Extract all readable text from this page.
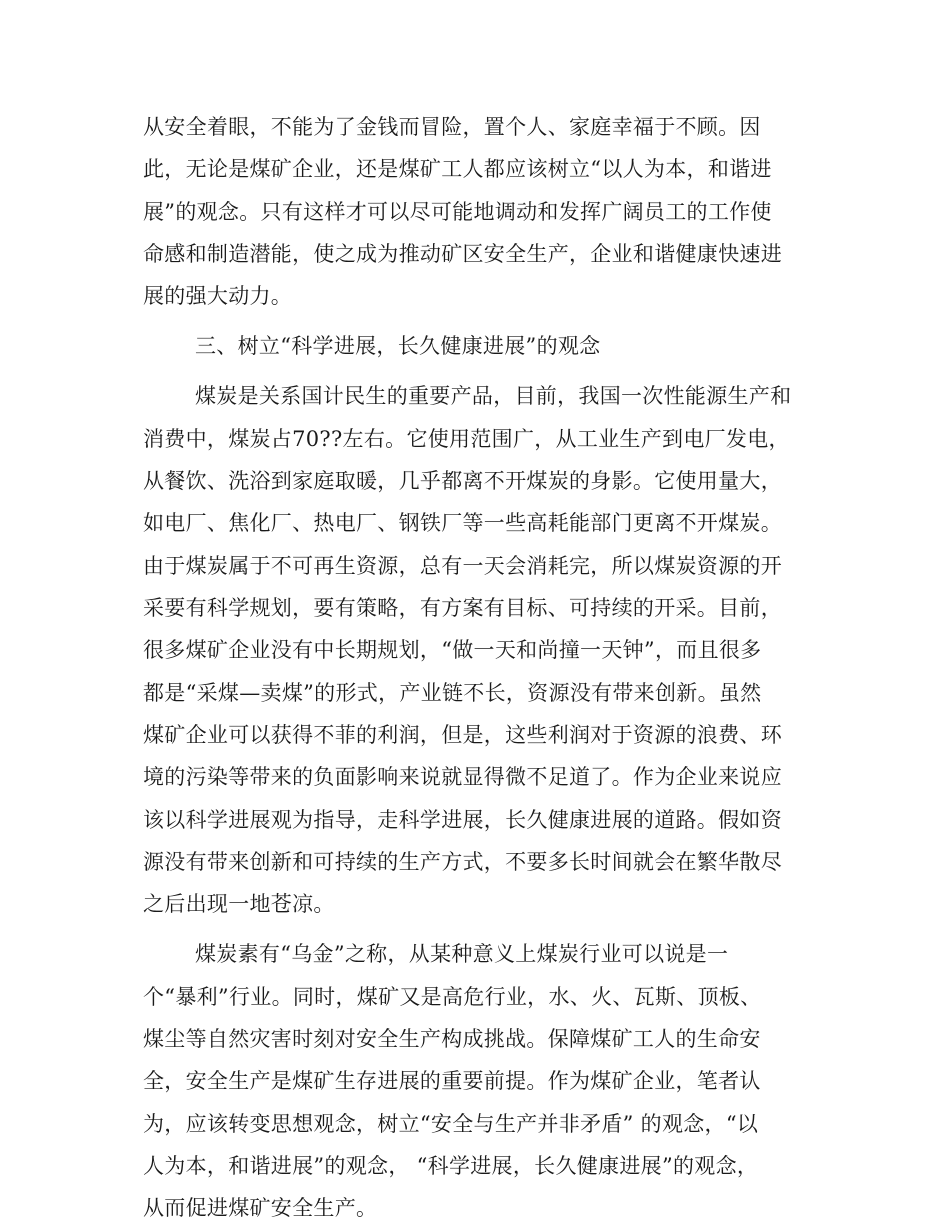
从安全着眼，不能为了金钱而冒险，置个人、家庭幸福于不顾。因
此，无论是煤矿企业，还是煤矿工人都应该树立“以人为本，和谐进
展”的观念。只有这样才可以尽可能地调动和发挥广阔员工的工作使
命感和制造潜能，使之成为推动矿区安全生产，企业和谐健康快速进
展的强大动力。
三、树立“科学进展，长久健康进展”的观念
煤炭是关系国计民生的重要产品，目前，我国一次性能源生产和
消费中，煤炭占70??左右。它使用范围广，从工业生产到电厂发电，
从餐饮、洗浴到家庭取暖，几乎都离不开煤炭的身影。它使用量大，
如电厂、焦化厂、热电厂、钢铁厂等一些高耗能部门更离不开煤炭。
由于煤炭属于不可再生资源，总有一天会消耗完，所以煤炭资源的开
采要有科学规划，要有策略，有方案有目标、可持续的开采。目前，
很多煤矿企业没有中长期规划，“做一天和尚撞一天钟”，而且很多
都是“采煤—卖煤”的形式，产业链不长，资源没有带来创新。虽然
煤矿企业可以获得不菲的利润，但是，这些利润对于资源的浪费、环
境的污染等带来的负面影响来说就显得微不足道了。作为企业来说应
该以科学进展观为指导，走科学进展，长久健康进展的道路。假如资
源没有带来创新和可持续的生产方式，不要多长时间就会在繁华散尽
之后出现一地苍凉。
煤炭素有“乌金”之称，从某种意义上煤炭行业可以说是一
个“暴利”行业。同时，煤矿又是高危行业，水、火、瓦斯、顶板、
煤尘等自然灾害时刻对安全生产构成挑战。保障煤矿工人的生命安
全，安全生产是煤矿生存进展的重要前提。作为煤矿企业，笔者认
为，应该转变思想观念，树立“安全与生产并非矛盾” 的观念，“以
人为本，和谐进展”的观念， “科学进展，长久健康进展”的观念，
从而促进煤矿安全生产。
